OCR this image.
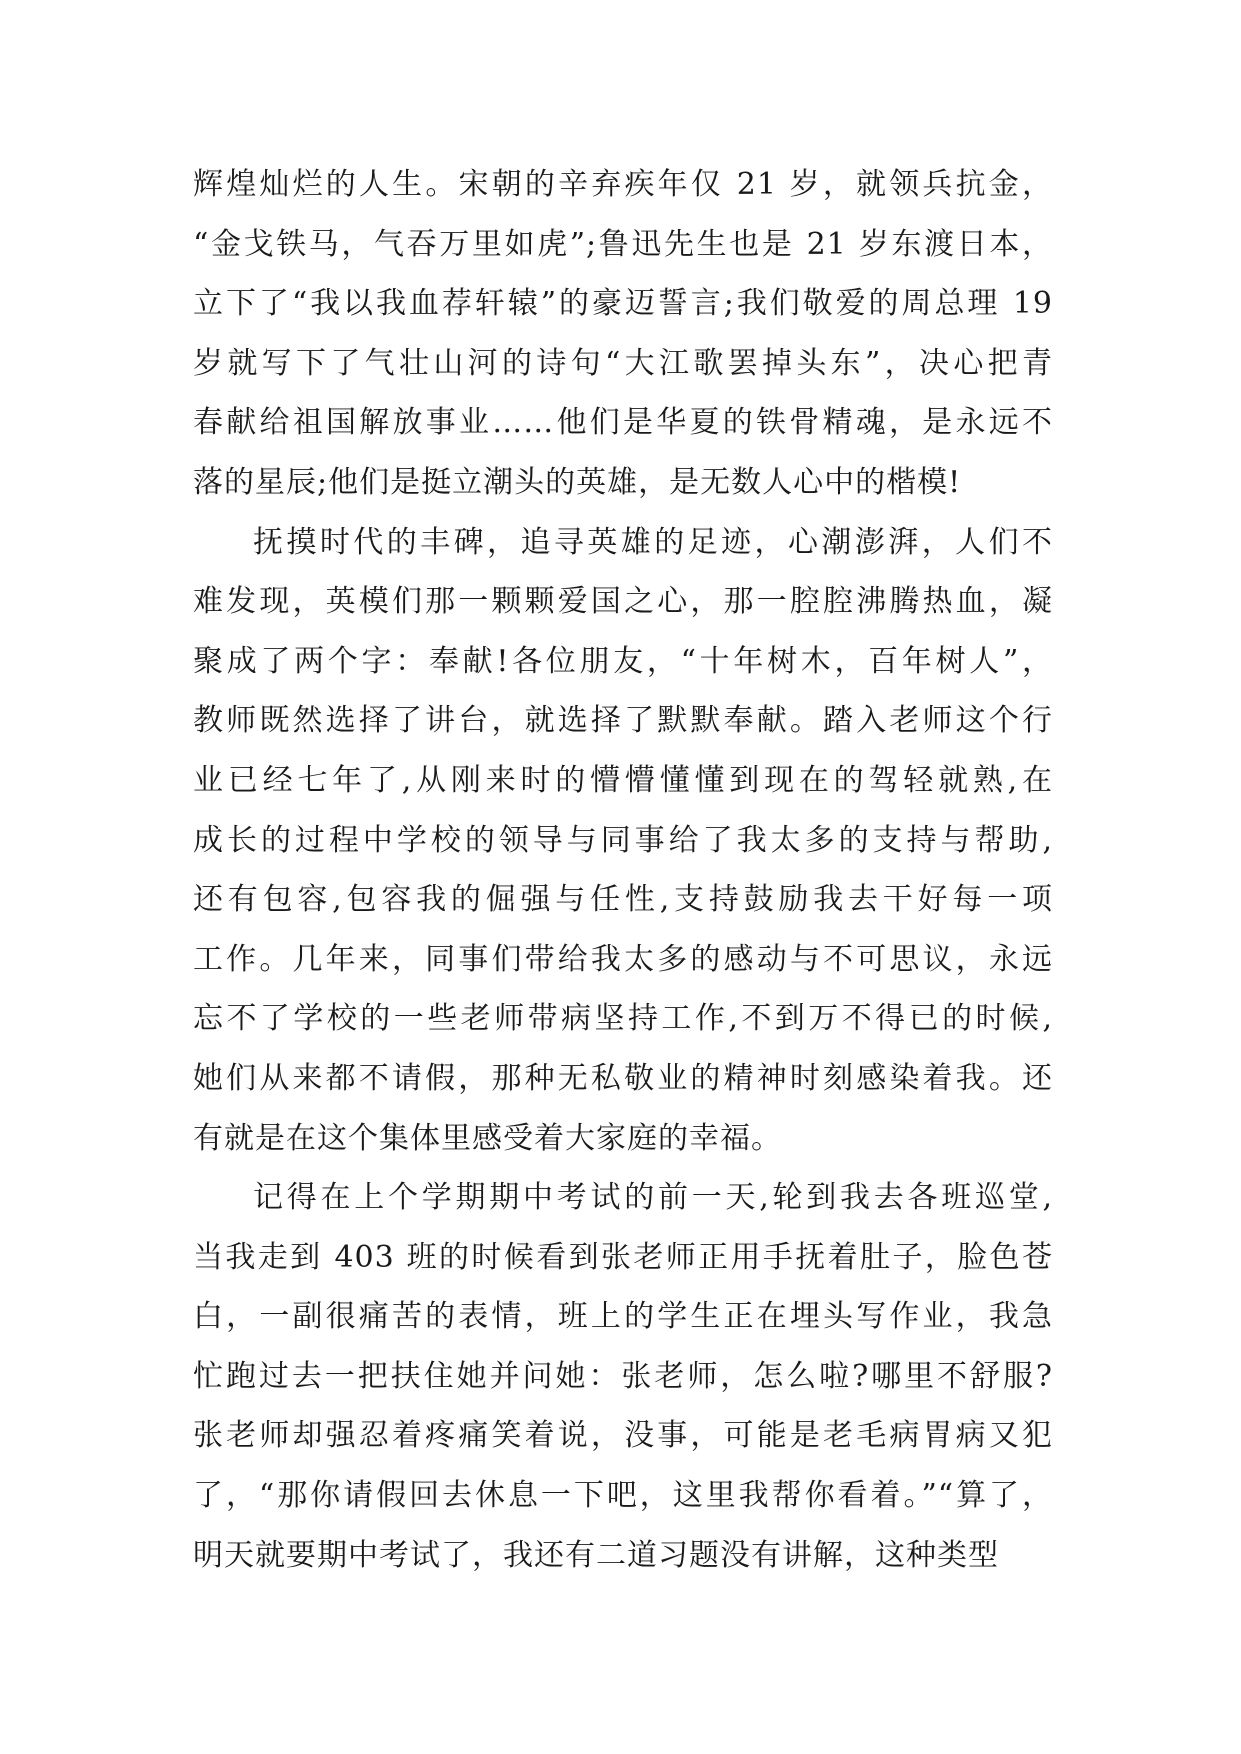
辉煌灿烂的人生。宋朝的辛弃疾年仅 21 岁，就领兵抗金，
“金戈铁马，气吞万里如虎”;鲁迅先生也是 21 岁东渡日本，
立下了“我以我血荐轩辕”的豪迈誓言;我们敬爱的周总理 19
岁就写下了气壮山河的诗句“大江歌罢掉头东”，决心把青
春献给祖国解放事业……他们是华夏的铁骨精魂，是永远不
落的星辰;他们是挺立潮头的英雄，是无数人心中的楷模!
抚摸时代的丰碑，追寻英雄的足迹，心潮澎湃，人们不
难发现，英模们那一颗颗爱国之心，那一腔腔沸腾热血，凝
聚成了两个字：奉献!各位朋友，“十年树木，百年树人”，
教师既然选择了讲台，就选择了默默奉献。踏入老师这个行
业已经七年了,从刚来时的懵懵懂懂到现在的驾轻就熟,在
成长的过程中学校的领导与同事给了我太多的支持与帮助,
还有包容,包容我的倔强与任性,支持鼓励我去干好每一项
工作。几年来，同事们带给我太多的感动与不可思议，永远
忘不了学校的一些老师带病坚持工作,不到万不得已的时候,
她们从来都不请假，那种无私敬业的精神时刻感染着我。还
有就是在这个集体里感受着大家庭的幸福。
记得在上个学期期中考试的前一天,轮到我去各班巡堂,
当我走到 403 班的时候看到张老师正用手抚着肚子，脸色苍
白，一副很痛苦的表情，班上的学生正在埋头写作业，我急
忙跑过去一把扶住她并问她：张老师，怎么啦?哪里不舒服?
张老师却强忍着疼痛笑着说，没事，可能是老毛病胃病又犯
了，“那你请假回去休息一下吧，这里我帮你看着。”“算了，
明天就要期中考试了，我还有二道习题没有讲解，这种类型
